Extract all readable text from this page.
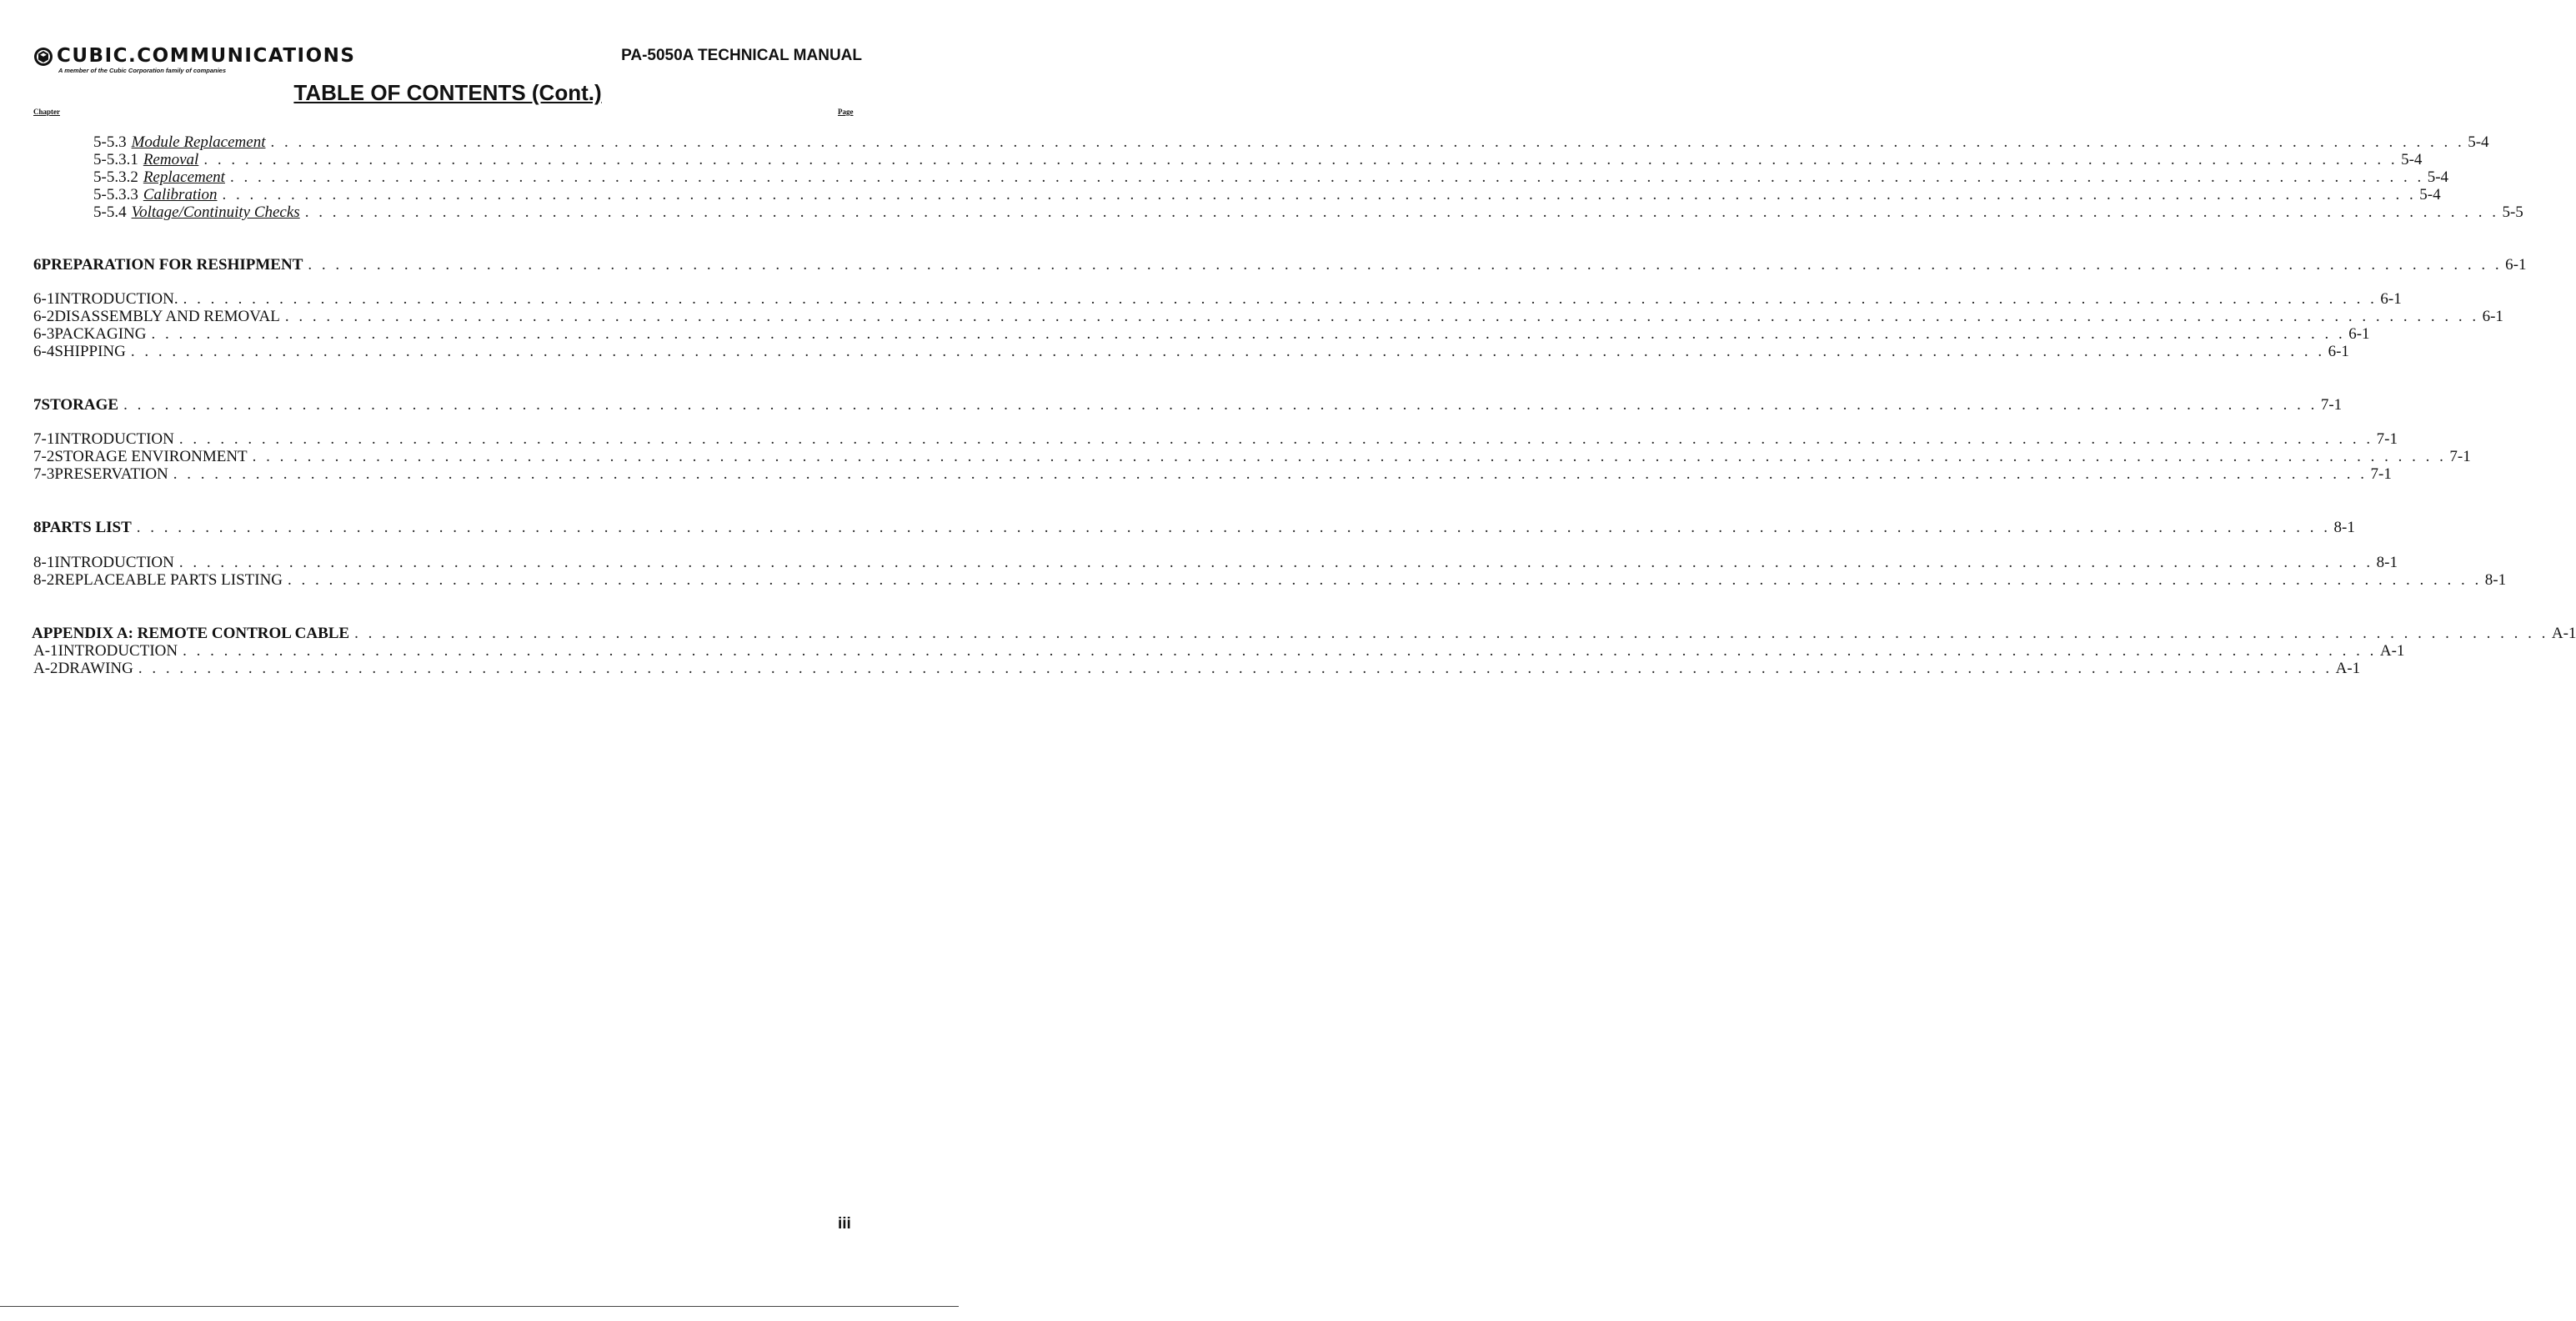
CUBIC.COMMUNICATIONS
A member of the Cubic Corporation family of companies
PA-5050A TECHNICAL MANUAL
TABLE OF CONTENTS (Cont.)
Chapter	Page
5-5.3 Module Replacement . . . . . . . . . . . . . . . . . . . . . . . . . . . . . . . . . . . . . . . . . . . . . . . . . . . . . . . . . . . . . . . . . . . . . . . . . . . . . . . . . . . . . . . . . . . . . . . . . . . . . . . . . . . . . . . . . . . . . . . . . . . . . . . . . . . . . . . . . . . . . . . . . . . . . . . . . . . . . . . . 5-4
5-5.3.1 Removal . . . . . . . . . . . . . . . . . . . . . . . . . . . . . . . . . . . . . . . . . . . . . . . . . . . . . . . . . . . . . . . . . . . . . . . . . . . . . . . . . . . . . . . . . . . . . . . . . . . . . . . . . . . . . . . . . . . . . . . . . . . . . . . . . . . . . . . . . . . . . . . . . . . . . . . . . . . . . . . . 5-4
5-5.3.2 Replacement . . . . . . . . . . . . . . . . . . . . . . . . . . . . . . . . . . . . . . . . . . . . . . . . . . . . . . . . . . . . . . . . . . . . . . . . . . . . . . . . . . . . . . . . . . . . . . . . . . . . . . . . . . . . . . . . . . . . . . . . . . . . . . . . . . . . . . . . . . . . . . . . . . . . . . . . . . . . . . . . 5-4
5-5.3.3 Calibration . . . . . . . . . . . . . . . . . . . . . . . . . . . . . . . . . . . . . . . . . . . . . . . . . . . . . . . . . . . . . . . . . . . . . . . . . . . . . . . . . . . . . . . . . . . . . . . . . . . . . . . . . . . . . . . . . . . . . . . . . . . . . . . . . . . . . . . . . . . . . . . . . . . . . . . . . . . . . . . . 5-4
5-5.4 Voltage/Continuity Checks . . . . . . . . . . . . . . . . . . . . . . . . . . . . . . . . . . . . . . . . . . . . . . . . . . . . . . . . . . . . . . . . . . . . . . . . . . . . . . . . . . . . . . . . . . . . . . . . . . . . . . . . . . . . . . . . . . . . . . . . . . . . . . . . . . . . . . . . . . . . . . . . . . . . . . . . . . . . . . . . 5-5
6 PREPARATION FOR RESHIPMENT . . . . . . . . . . . . . . . . . . . . . . . . . . . . . . . . . . . . . . . . . . . . . . . . . . . . . . . . . . . . . . . . . . . . . . . . . . . . . . . . . . . . . . . . . . . . . . . . . . . . . . . . . . . . . . . . . . . . . . . . . . . . . . . . . . . . . . . . . . . . . . . . . . . . . . . . . . . . . . . . 6-1
6-1 INTRODUCTION. . . . . . . . . . . . . . . . . . . . . . . . . . . . . . . . . . . . . . . . . . . . . . . . . . . . . . . . . . . . . . . . . . . . . . . . . . . . . . . . . . . . . . . . . . . . . . . . . . . . . . . . . . . . . . . . . . . . . . . . . . . . . . . . . . . . . . . . . . . . . . . . . . . . . . . . . . . . . . . . . 6-1
6-2 DISASSEMBLY AND REMOVAL . . . . . . . . . . . . . . . . . . . . . . . . . . . . . . . . . . . . . . . . . . . . . . . . . . . . . . . . . . . . . . . . . . . . . . . . . . . . . . . . . . . . . . . . . . . . . . . . . . . . . . . . . . . . . . . . . . . . . . . . . . . . . . . . . . . . . . . . . . . . . . . . . . . . . . . . . . . . . . . . 6-1
6-3 PACKAGING . . . . . . . . . . . . . . . . . . . . . . . . . . . . . . . . . . . . . . . . . . . . . . . . . . . . . . . . . . . . . . . . . . . . . . . . . . . . . . . . . . . . . . . . . . . . . . . . . . . . . . . . . . . . . . . . . . . . . . . . . . . . . . . . . . . . . . . . . . . . . . . . . . . . . . . . . . . . . . . . 6-1
6-4 SHIPPING . . . . . . . . . . . . . . . . . . . . . . . . . . . . . . . . . . . . . . . . . . . . . . . . . . . . . . . . . . . . . . . . . . . . . . . . . . . . . . . . . . . . . . . . . . . . . . . . . . . . . . . . . . . . . . . . . . . . . . . . . . . . . . . . . . . . . . . . . . . . . . . . . . . . . . . . . . . . . . . . 6-1
7 STORAGE . . . . . . . . . . . . . . . . . . . . . . . . . . . . . . . . . . . . . . . . . . . . . . . . . . . . . . . . . . . . . . . . . . . . . . . . . . . . . . . . . . . . . . . . . . . . . . . . . . . . . . . . . . . . . . . . . . . . . . . . . . . . . . . . . . . . . . . . . . . . . . . . . . . . . . . . . . . . . . . . 7-1
7-1 INTRODUCTION . . . . . . . . . . . . . . . . . . . . . . . . . . . . . . . . . . . . . . . . . . . . . . . . . . . . . . . . . . . . . . . . . . . . . . . . . . . . . . . . . . . . . . . . . . . . . . . . . . . . . . . . . . . . . . . . . . . . . . . . . . . . . . . . . . . . . . . . . . . . . . . . . . . . . . . . . . . . . . . . 7-1
7-2 STORAGE ENVIRONMENT . . . . . . . . . . . . . . . . . . . . . . . . . . . . . . . . . . . . . . . . . . . . . . . . . . . . . . . . . . . . . . . . . . . . . . . . . . . . . . . . . . . . . . . . . . . . . . . . . . . . . . . . . . . . . . . . . . . . . . . . . . . . . . . . . . . . . . . . . . . . . . . . . . . . . . . . . . . . . . . . 7-1
7-3 PRESERVATION . . . . . . . . . . . . . . . . . . . . . . . . . . . . . . . . . . . . . . . . . . . . . . . . . . . . . . . . . . . . . . . . . . . . . . . . . . . . . . . . . . . . . . . . . . . . . . . . . . . . . . . . . . . . . . . . . . . . . . . . . . . . . . . . . . . . . . . . . . . . . . . . . . . . . . . . . . . . . . . . 7-1
8 PARTS LIST . . . . . . . . . . . . . . . . . . . . . . . . . . . . . . . . . . . . . . . . . . . . . . . . . . . . . . . . . . . . . . . . . . . . . . . . . . . . . . . . . . . . . . . . . . . . . . . . . . . . . . . . . . . . . . . . . . . . . . . . . . . . . . . . . . . . . . . . . . . . . . . . . . . . . . . . . . . . . . . . 8-1
8-1 INTRODUCTION . . . . . . . . . . . . . . . . . . . . . . . . . . . . . . . . . . . . . . . . . . . . . . . . . . . . . . . . . . . . . . . . . . . . . . . . . . . . . . . . . . . . . . . . . . . . . . . . . . . . . . . . . . . . . . . . . . . . . . . . . . . . . . . . . . . . . . . . . . . . . . . . . . . . . . . . . . . . . . . . 8-1
8-2 REPLACEABLE PARTS LISTING . . . . . . . . . . . . . . . . . . . . . . . . . . . . . . . . . . . . . . . . . . . . . . . . . . . . . . . . . . . . . . . . . . . . . . . . . . . . . . . . . . . . . . . . . . . . . . . . . . . . . . . . . . . . . . . . . . . . . . . . . . . . . . . . . . . . . . . . . . . . . . . . . . . . . . . . . . . . . . . . 8-1
APPENDIX A: REMOTE CONTROL CABLE . . . . . . . . . . . . . . . . . . . . . . . . . . . . . . . . . . . . . . . . . . . . . . . . . . . . . . . . . . . . . . . . . . . . . . . . . . . . . . . . . . . . . . . . . . . . . . . . . . . . . . . . . . . . . . . . . . . . . . . . . . . . . . . . . . . . . . . . . . . . . . . . . . . . . . . . . . . . . . . . A-1
A-1 INTRODUCTION . . . . . . . . . . . . . . . . . . . . . . . . . . . . . . . . . . . . . . . . . . . . . . . . . . . . . . . . . . . . . . . . . . . . . . . . . . . . . . . . . . . . . . . . . . . . . . . . . . . . . . . . . . . . . . . . . . . . . . . . . . . . . . . . . . . . . . . . . . . . . . . . . . . . . . . . . . . . . . . . A-1
A-2 DRAWING . . . . . . . . . . . . . . . . . . . . . . . . . . . . . . . . . . . . . . . . . . . . . . . . . . . . . . . . . . . . . . . . . . . . . . . . . . . . . . . . . . . . . . . . . . . . . . . . . . . . . . . . . . . . . . . . . . . . . . . . . . . . . . . . . . . . . . . . . . . . . . . . . . . . . . . . . . . . . . . . A-1
iii
